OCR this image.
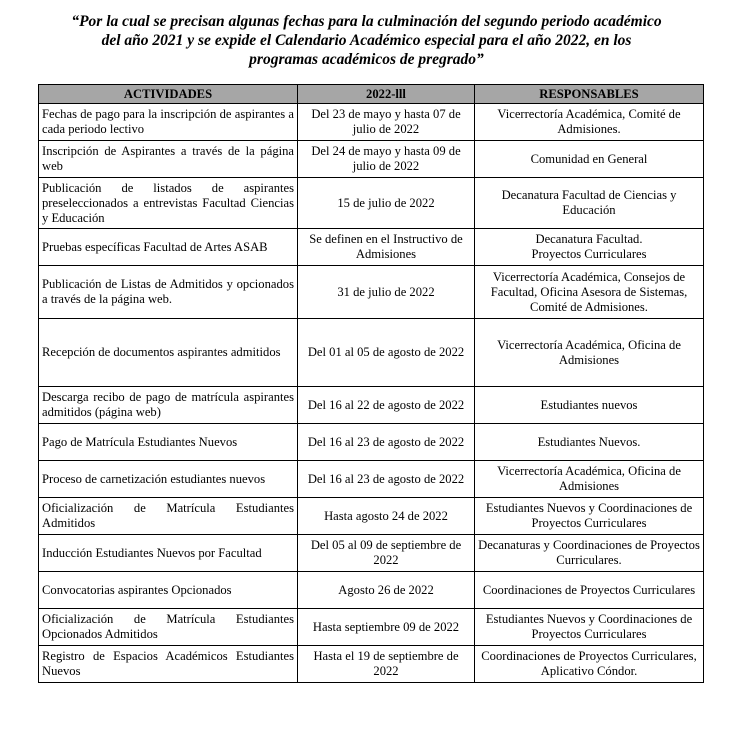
“Por la cual se precisan algunas fechas para la culminación del segundo periodo académico
del año 2021 y se expide el Calendario Académico especial para el año 2022, en los
programas académicos de pregrado”
ACTIVIDADES	2022-lll	RESPONSABLES
Fechas de pago para la inscripción de aspirantes a cada periodo lectivo	Del 23 de mayo y hasta 07 de julio de 2022	Vicerrectoría Académica, Comité de Admisiones.

Inscripción de Aspirantes a través de la página web	Del 24 de mayo y hasta 09 de julio de 2022	Comunidad en General

Publicación de listados de aspirantes preseleccionados a entrevistas Facultad Ciencias y Educación	15 de julio de 2022	Decanatura Facultad de Ciencias y Educación

Pruebas específicas Facultad de Artes ASAB	Se definen en el Instructivo de Admisiones	Decanatura Facultad.
Proyectos Curriculares

Publicación de Listas de Admitidos y opcionados a través de la página web.	31 de julio de 2022	Vicerrectoría Académica, Consejos de Facultad, Oficina Asesora de Sistemas, Comité de Admisiones.

Recepción de documentos aspirantes admitidos	Del 01 al 05 de agosto de 2022	Vicerrectoría Académica, Oficina de Admisiones

Descarga recibo de pago de matrícula aspirantes admitidos (página web)	Del 16 al 22 de agosto de 2022	Estudiantes nuevos

Pago de Matrícula Estudiantes Nuevos	Del 16 al 23 de agosto de 2022	Estudiantes Nuevos.

Proceso de carnetización estudiantes nuevos	Del 16 al 23 de agosto de 2022	Vicerrectoría Académica, Oficina de Admisiones

Oficialización de Matrícula Estudiantes Admitidos	Hasta agosto 24 de 2022	Estudiantes Nuevos y Coordinaciones de Proyectos Curriculares

Inducción Estudiantes Nuevos por Facultad	Del 05 al 09 de septiembre de 2022	Decanaturas y Coordinaciones de Proyectos Curriculares.

Convocatorias aspirantes Opcionados	Agosto 26 de 2022	Coordinaciones de Proyectos Curriculares

Oficialización de Matrícula Estudiantes Opcionados Admitidos	Hasta septiembre 09 de 2022	Estudiantes Nuevos y Coordinaciones de Proyectos Curriculares

Registro de Espacios Académicos Estudiantes Nuevos	Hasta el 19 de septiembre de 2022	Coordinaciones de Proyectos Curriculares, Aplicativo Cóndor.
